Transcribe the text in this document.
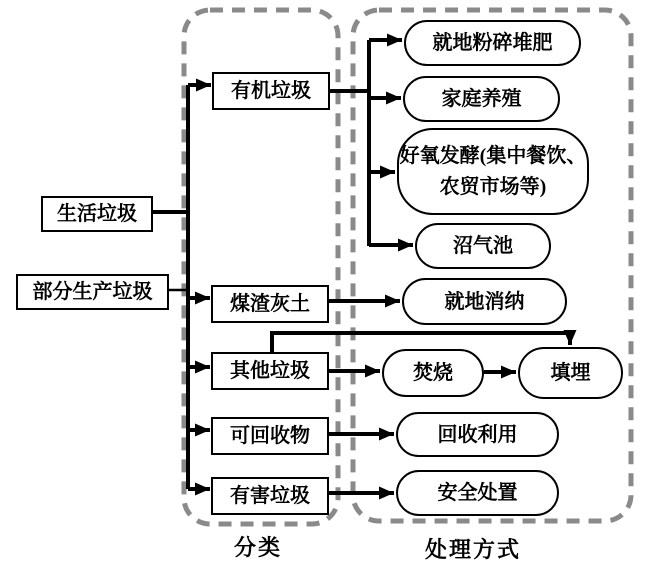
生活垃圾
部分生产垃圾
有机垃圾
煤渣灰土
其他垃圾
可回收物
有害垃圾
就地粉碎堆肥
家庭养殖
好氧发酵(集中餐饮、
农贸市场等)
沼气池
就地消纳
焚烧	填埋
回收利用
安全处置
分类	处理方式
